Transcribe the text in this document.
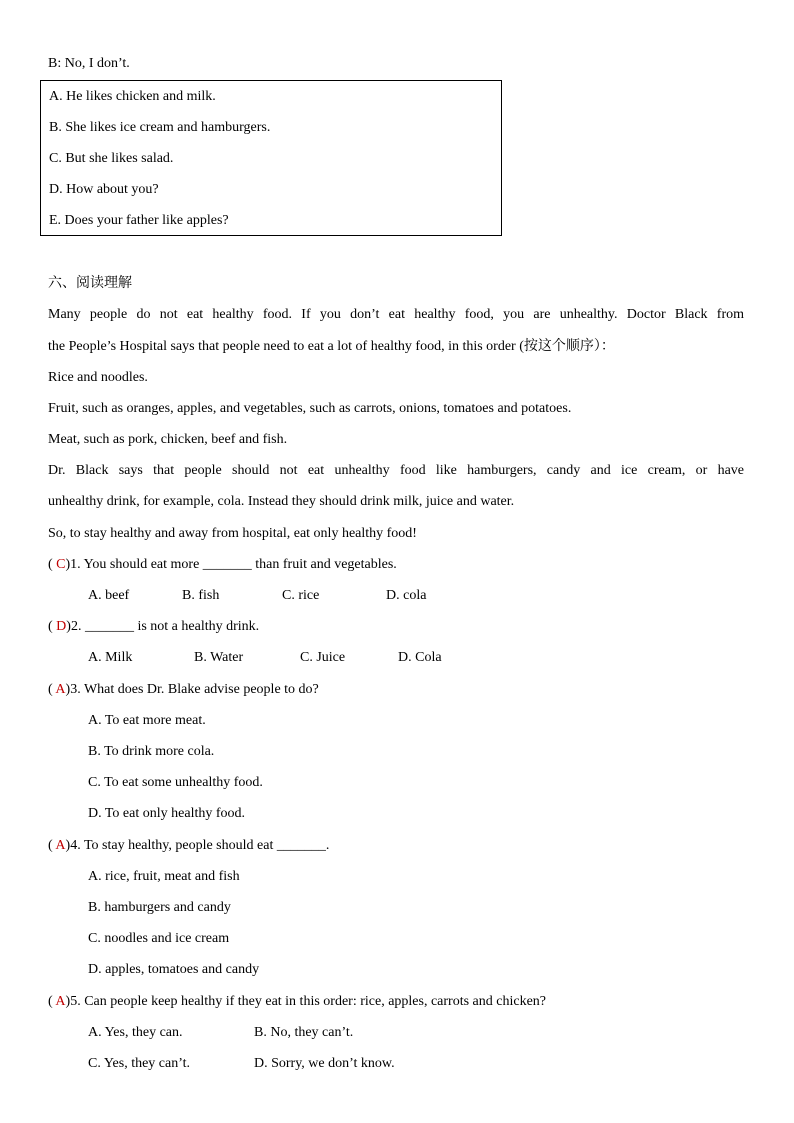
B: No, I don’t.
A. He likes chicken and milk.
B. She likes ice cream and hamburgers.
C. But she likes salad.
D. How about you?
E. Does your father like apples?
六、阅读理解
Many people do not eat healthy food. If you don’t eat healthy food, you are unhealthy. Doctor Black from
the People’s Hospital says that people need to eat a lot of healthy food, in this order (按这个顺序）：
Rice and noodles.
Fruit, such as oranges, apples, and vegetables, such as carrots, onions, tomatoes and potatoes.
Meat, such as pork, chicken, beef and fish.
Dr. Black says that people should not eat unhealthy food like hamburgers, candy and ice cream, or have
unhealthy drink, for example, cola. Instead they should drink milk, juice and water.
So, to stay healthy and away from hospital, eat only healthy food!
( C)1. You should eat more _______ than fruit and vegetables.
A. beef	B. fish	C. rice	D. cola
( D)2. _______ is not a healthy drink.
A. Milk	B. Water	C. Juice	D. Cola
( A)3. What does Dr. Blake advise people to do?
A. To eat more meat.
B. To drink more cola.
C. To eat some unhealthy food.
D. To eat only healthy food.
( A)4. To stay healthy, people should eat _______.
A. rice, fruit, meat and fish
B. hamburgers and candy
C. noodles and ice cream
D. apples, tomatoes and candy
( A)5. Can people keep healthy if they eat in this order: rice, apples, carrots and chicken?
A. Yes, they can.	B. No, they can’t.
C. Yes, they can’t.	D. Sorry, we don’t know.
